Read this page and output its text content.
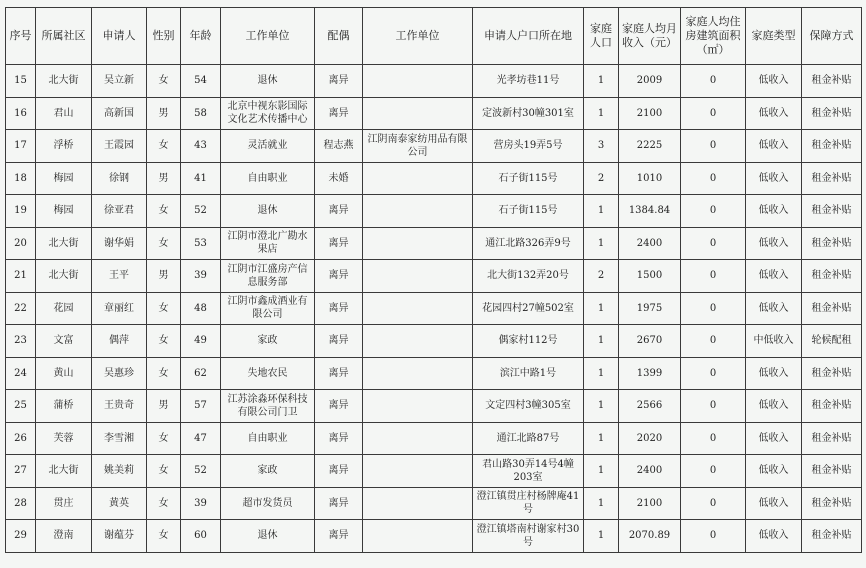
序号	所属社区	申请人	性别	年龄	工作单位	配偶	工作单位	申请人户口所在地	家庭人口	家庭人均月收入（元）	家庭人均住房建筑面积（㎡）	家庭类型	保障方式
15	北大街	吴立新	女	54	退休	离异		光孝坊巷11号	1	2009	0	低收入	租金补贴
16	君山	高新国	男	58	北京中视东影国际文化艺术传播中心	离异		定波新村30幢301室	1	2100	0	低收入	租金补贴
17	浮桥	王霞园	女	43	灵活就业	程志燕	江阴南泰家纺用品有限公司	营房头19弄5号	3	2225	0	低收入	租金补贴
18	梅园	徐钢	男	41	自由职业	未婚		石子街115号	2	1010	0	低收入	租金补贴
19	梅园	徐亚君	女	52	退休	离异		石子街115号	1	1384.84	0	低收入	租金补贴
20	北大街	谢华娟	女	53	江阴市澄北广勘水果店	离异		通江北路326弄9号	1	2400	0	低收入	租金补贴
21	北大街	王平	男	39	江阴市江盛房产信息服务部	离异		北大街132弄20号	2	1500	0	低收入	租金补贴
22	花园	章丽红	女	48	江阴市鑫成酒业有限公司	离异		花园四村27幢502室	1	1975	0	低收入	租金补贴
23	文富	偶萍	女	49	家政	离异		偶家村112号	1	2670	0	中低收入	轮候配租
24	黄山	吴惠珍	女	62	失地农民	离异		滨江中路1号	1	1399	0	低收入	租金补贴
25	蒲桥	王贵奇	男	57	江苏涂淼环保科技有限公司门卫	离异		文定四村3幢305室	1	2566	0	低收入	租金补贴
26	芙蓉	李雪湘	女	47	自由职业	离异		通江北路87号	1	2020	0	低收入	租金补贴
27	北大街	姚美莉	女	52	家政	离异		君山路30弄14号4幢203室	1	2400	0	低收入	租金补贴
28	贯庄	黄英	女	39	超市发货员	离异		澄江镇贯庄村杨牌庵41号	1	2100	0	低收入	租金补贴
29	澄南	谢蕴芬	女	60	退休	离异		澄江镇塔南村谢家村30号	1	2070.89	0	低收入	租金补贴
